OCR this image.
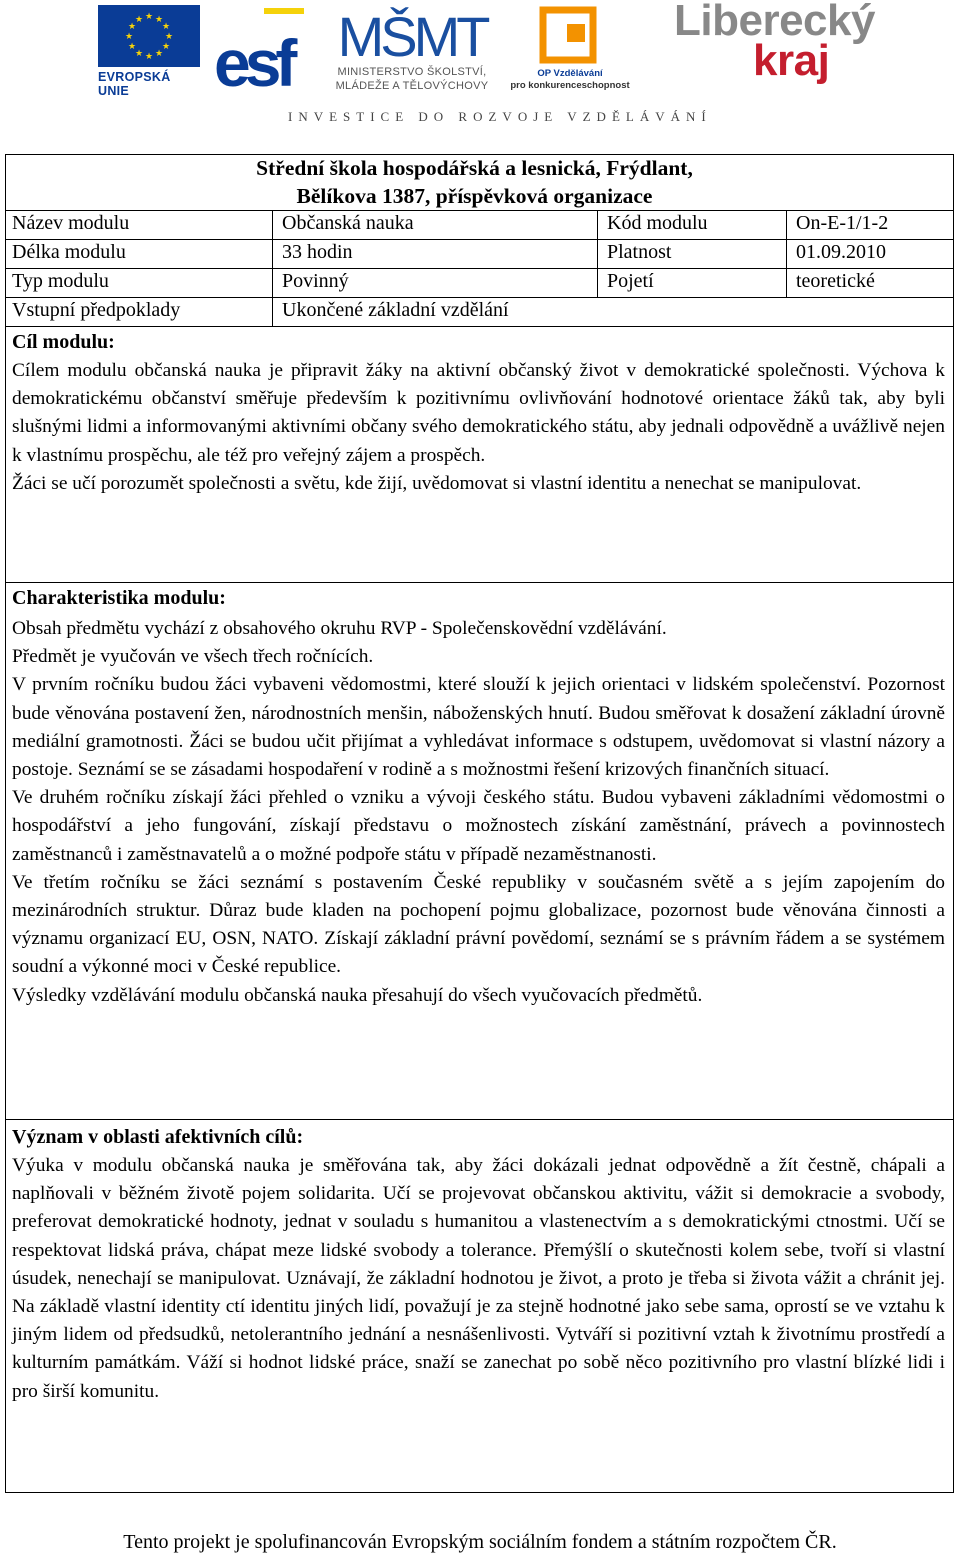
★ ★
★
★
★
★
★
★
★
★
★
★
EVROPSKÁ UNIE	esf MŠMT
MINISTERSTVO ŠKOLSTVÍ,
MLÁDEŽE A TĚLOVÝCHOVY
OP Vzdělávání
pro konkurenceschopnost
Liberecký
kraj
INVESTICE DO ROZVOJE VZDĚLÁVÁNÍ
Střední škola hospodářská a lesnická, Frýdlant,
Bělíkova 1387, příspěvková organizace
Název modulu	Občanská nauka	Kód modulu	On-E-1/1-2
Délka modulu	33 hodin	Platnost	01.09.2010
Typ modulu	Povinný	Pojetí	teoretické
Vstupní předpoklady	Ukončené základní vzdělání
Cíl modulu:

Cílem modulu občanská nauka je připravit žáky na aktivní občanský život v demokratické společnosti. Výchova k demokratickému občanství směřuje především k pozitivnímu ovlivňování hodnotové orientace žáků tak, aby byli slušnými lidmi a informovanými aktivními občany svého demokratického státu, aby jednali odpovědně a uvážlivě nejen k vlastnímu prospěchu, ale též pro veřejný zájem a prospěch.

Žáci se učí porozumět společnosti a světu, kde žijí, uvědomovat si vlastní identitu a nenechat se manipulovat.

Charakteristika modulu:

Obsah předmětu vychází z obsahového okruhu RVP - Společenskovědní vzdělávání.

Předmět je vyučován ve všech třech ročnících.

V prvním ročníku budou žáci vybaveni vědomostmi, které slouží k jejich orientaci v lidském společenství. Pozornost bude věnována postavení žen, národnostních menšin, náboženských hnutí. Budou směřovat k dosažení základní úrovně mediální gramotnosti. Žáci se budou učit přijímat a vyhledávat informace s odstupem, uvědomovat si vlastní názory a postoje. Seznámí se se zásadami hospodaření v rodině a s možnostmi řešení krizových finančních situací.

Ve druhém ročníku získají žáci přehled o vzniku a vývoji českého státu. Budou vybaveni základními vědomostmi o hospodářství a jeho fungování, získají představu o možnostech získání zaměstnání, právech a povinnostech zaměstnanců i zaměstnavatelů a o možné podpoře státu v případě nezaměstnanosti.

Ve třetím ročníku se žáci seznámí s postavením České republiky v současném světě a s jejím zapojením do mezinárodních struktur. Důraz bude kladen na pochopení pojmu globalizace, pozornost bude věnována činnosti a významu organizací EU, OSN, NATO. Získají základní právní povědomí, seznámí se s právním řádem a se systémem soudní a výkonné moci v České republice.

Výsledky vzdělávání modulu občanská nauka přesahují do všech vyučovacích předmětů.

Význam v oblasti afektivních cílů:

Výuka v modulu občanská nauka je směřována tak, aby žáci dokázali jednat odpovědně a žít čestně, chápali a naplňovali v běžném životě pojem solidarita. Učí se projevovat občanskou aktivitu, vážit si demokracie a svobody, preferovat demokratické hodnoty, jednat v souladu s humanitou a vlastenectvím a s demokratickými ctnostmi. Učí se respektovat lidská práva, chápat meze lidské svobody a tolerance. Přemýšlí o skutečnosti kolem sebe, tvoří si vlastní úsudek, nenechají se manipulovat. Uznávají, že základní hodnotou je život, a proto je třeba si života vážit a chránit jej. Na základě vlastní identity ctí identitu jiných lidí, považují je za stejně hodnotné jako sebe sama, oprostí se ve vztahu k jiným lidem od předsudků, netolerantního jednání a nesnášenlivosti. Vytváří si pozitivní vztah k životnímu prostředí a kulturním památkám. Váží si hodnot lidské práce, snaží se zanechat po sobě něco pozitivního pro vlastní blízké lidi i pro širší komunitu.

Tento projekt je spolufinancován Evropským sociálním fondem a státním rozpočtem ČR.
